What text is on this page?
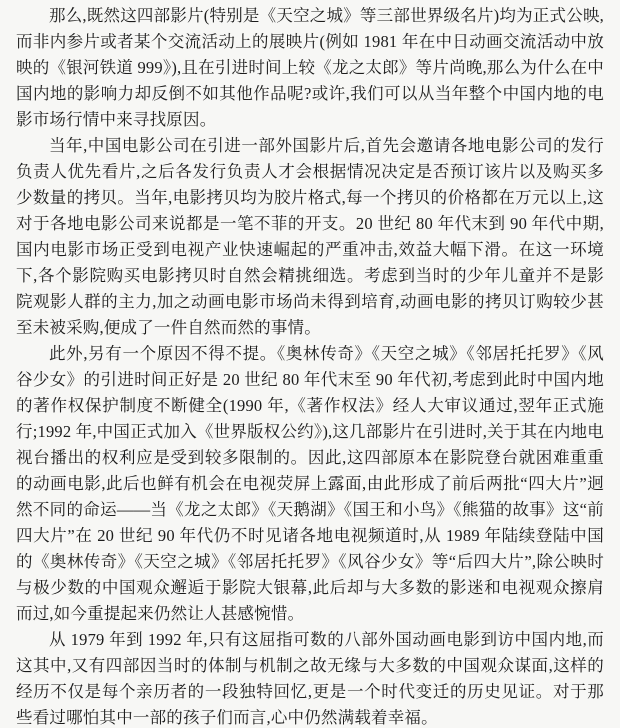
那么,既然这四部影片(特别是《天空之城》等三部世界级名片)均为正式公映,而非内参片或者某个交流活动上的展映片(例如 1981 年在中日动画交流活动中放映的《银河铁道 999》),且在引进时间上较《龙之太郎》等片尚晚,那么为什么在中国内地的影响力却反倒不如其他作品呢?或许,我们可以从当年整个中国内地的电影市场行情中来寻找原因。

当年,中国电影公司在引进一部外国影片后,首先会邀请各地电影公司的发行负责人优先看片,之后各发行负责人才会根据情况决定是否预订该片以及购买多少数量的拷贝。当年,电影拷贝均为胶片格式,每一个拷贝的价格都在万元以上,这对于各地电影公司来说都是一笔不菲的开支。20 世纪 80 年代末到 90 年代中期,国内电影市场正受到电视产业快速崛起的严重冲击,效益大幅下滑。在这一环境下,各个影院购买电影拷贝时自然会精挑细选。考虑到当时的少年儿童并不是影院观影人群的主力,加之动画电影市场尚未得到培育,动画电影的拷贝订购较少甚至未被采购,便成了一件自然而然的事情。

此外,另有一个原因不得不提。《奥林传奇》《天空之城》《邻居托托罗》《风谷少女》的引进时间正好是 20 世纪 80 年代末至 90 年代初,考虑到此时中国内地的著作权保护制度不断健全(1990 年,《著作权法》经人大审议通过,翌年正式施行;1992 年,中国正式加入《世界版权公约》),这几部影片在引进时,关于其在内地电视台播出的权利应是受到较多限制的。因此,这四部原本在影院登台就困难重重的动画电影,此后也鲜有机会在电视荧屏上露面,由此形成了前后两批“四大片”迥然不同的命运——当《龙之太郎》《天鹅湖》《国王和小鸟》《熊猫的故事》这“前四大片”在 20 世纪 90 年代仍不时见诸各地电视频道时,从 1989 年陆续登陆中国的《奥林传奇》《天空之城》《邻居托托罗》《风谷少女》等“后四大片”,除公映时与极少数的中国观众邂逅于影院大银幕,此后却与大多数的影迷和电视观众擦肩而过,如今重提起来仍然让人甚感惋惜。

从 1979 年到 1992 年,只有这屈指可数的八部外国动画电影到访中国内地,而这其中,又有四部因当时的体制与机制之故无缘与大多数的中国观众谋面,这样的经历不仅是每个亲历者的一段独特回忆,更是一个时代变迁的历史见证。对于那些看过哪怕其中一部的孩子们而言,心中仍然满载着幸福。
